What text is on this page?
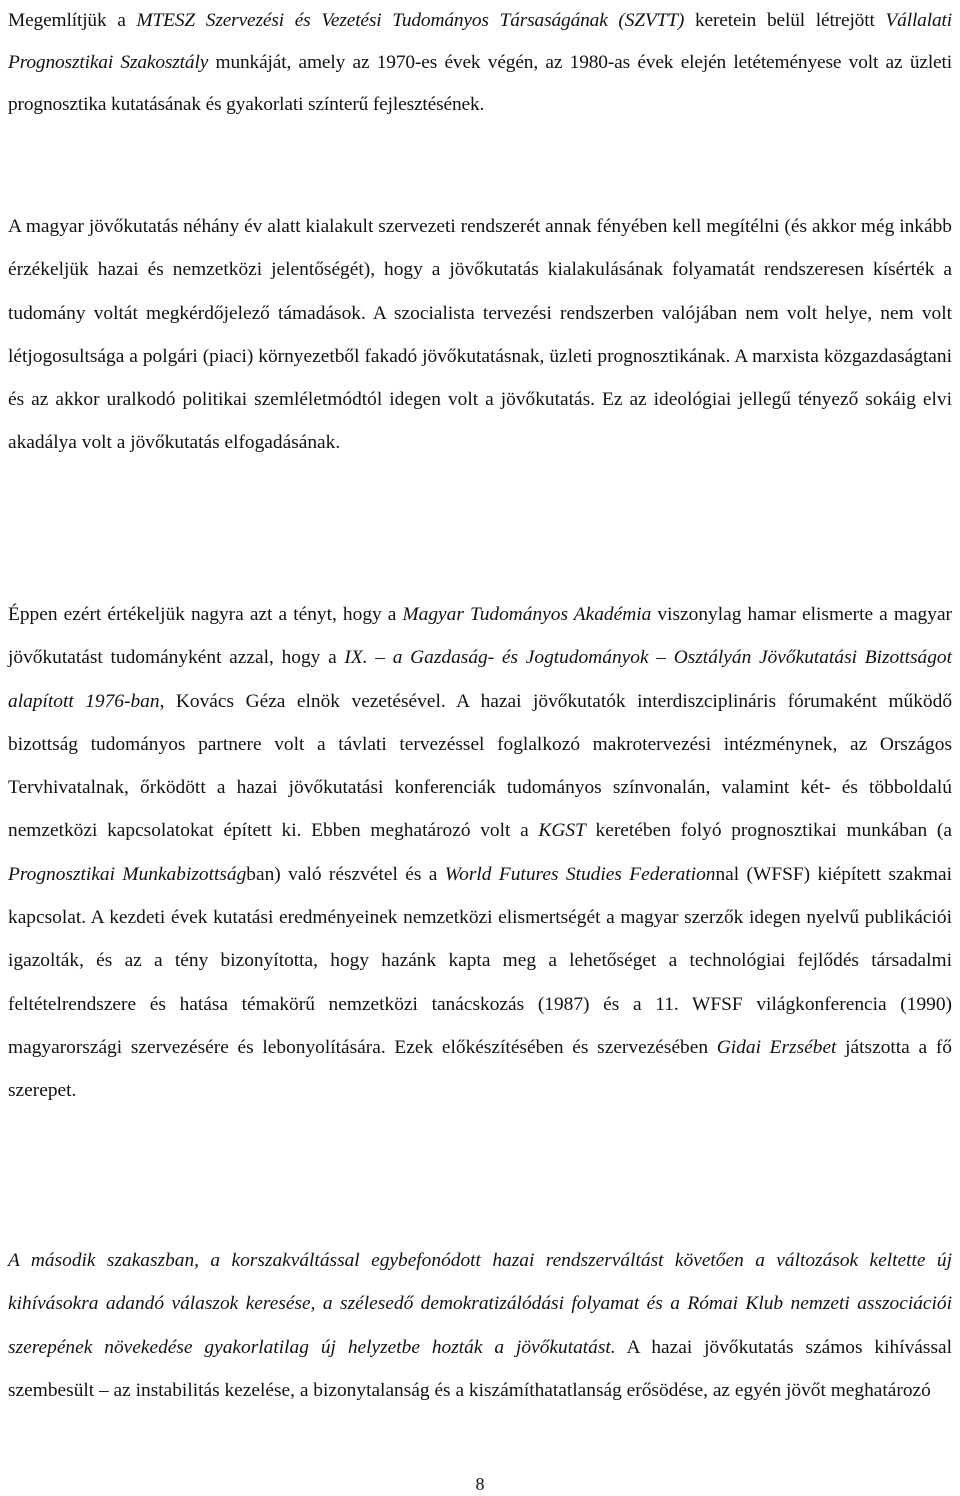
Megemlítjük a MTESZ Szervezési és Vezetési Tudományos Társaságának (SZVTT) keretein belül létrejött Vállalati Prognosztikai Szakosztály munkáját, amely az 1970-es évek végén, az 1980-as évek elején letéteményese volt az üzleti prognosztika kutatásának és gyakorlati színterű fejlesztésének.

A magyar jövőkutatás néhány év alatt kialakult szervezeti rendszerét annak fényében kell megítélni (és akkor még inkább érzékeljük hazai és nemzetközi jelentőségét), hogy a jövőkutatás kialakulásának folyamatát rendszeresen kísérték a tudomány voltát megkérdőjelező támadások. A szocialista tervezési rendszerben valójában nem volt helye, nem volt létjogosultsága a polgári (piaci) környezetből fakadó jövőkutatásnak, üzleti prognosztikának. A marxista közgazdaságtani és az akkor uralkodó politikai szemléletmódtól idegen volt a jövőkutatás. Ez az ideológiai jellegű tényező sokáig elvi akadálya volt a jövőkutatás elfogadásának.

Éppen ezért értékeljük nagyra azt a tényt, hogy a Magyar Tudományos Akadémia viszonylag hamar elismerte a magyar jövőkutatást tudományként azzal, hogy a IX. – a Gazdaság- és Jogtudományok – Osztályán Jövőkutatási Bizottságot alapított 1976-ban, Kovács Géza elnök vezetésével. A hazai jövőkutatók interdiszciplináris fórumaként működő bizottság tudományos partnere volt a távlati tervezéssel foglalkozó makrotervezési intézménynek, az Országos Tervhivatalnak, őrködött a hazai jövőkutatási konferenciák tudományos színvonalán, valamint két- és többoldalú nemzetközi kapcsolatokat épített ki. Ebben meghatározó volt a KGST keretében folyó prognosztikai munkában (a Prognosztikai Munkabizottságban) való részvétel és a World Futures Studies Federationnal (WFSF) kiépített szakmai kapcsolat. A kezdeti évek kutatási eredményeinek nemzetközi elismertségét a magyar szerzők idegen nyelvű publikációi igazolták, és az a tény bizonyította, hogy hazánk kapta meg a lehetőséget a technológiai fejlődés társadalmi feltételrendszere és hatása témakörű nemzetközi tanácskozás (1987) és a 11. WFSF világkonferencia (1990) magyarországi szervezésére és lebonyolítására. Ezek előkészítésében és szervezésében Gidai Erzsébet játszotta a fő szerepet.

A második szakaszban, a korszakváltással egybefonódott hazai rendszerváltást követően a változások keltette új kihívásokra adandó válaszok keresése, a szélesedő demokratizálódási folyamat és a Római Klub nemzeti asszociációi szerepének növekedése gyakorlatilag új helyzetbe hozták a jövőkutatást. A hazai jövőkutatás számos kihívással szembesült – az instabilitás kezelése, a bizonytalanság és a kiszámíthatatlanság erősödése, az egyén jövőt meghatározó

8
